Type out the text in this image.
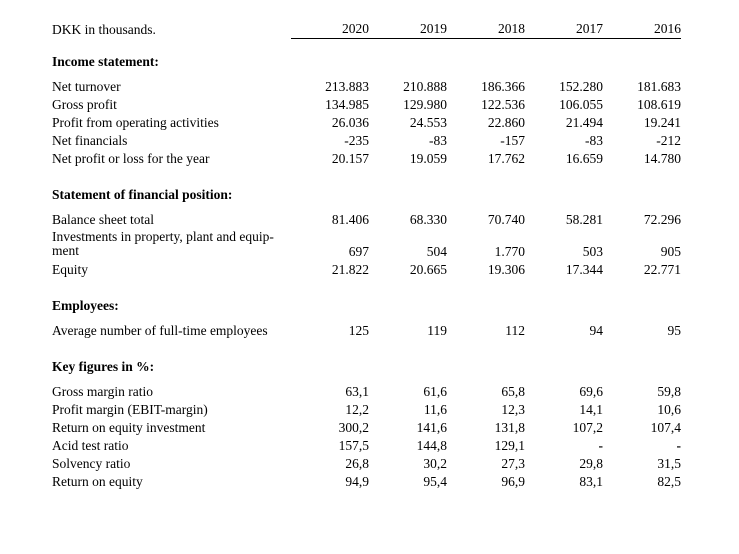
DKK in thousands.	2020	2019	2018	2017	2016

Income statement:					

Net turnover	213.883	210.888	186.366	152.280	181.683
Gross profit	134.985	129.980	122.536	106.055	108.619
Profit from operating activities	26.036	24.553	22.860	21.494	19.241
Net financials	-235	-83	-157	-83	-212
Net profit or loss for the year	20.157	19.059	17.762	16.659	14.780

Statement of financial position:					

Balance sheet total	81.406	68.330	70.740	58.281	72.296

Investments in property, plant and equip-ment	697	504	1.770	503	905
Equity	21.822	20.665	19.306	17.344	22.771

Employees:					

Average number of full-time employees	125	119	112	94	95

Key figures in %:					

Gross margin ratio	63,1	61,6	65,8	69,6	59,8
Profit margin (EBIT-margin)	12,2	11,6	12,3	14,1	10,6
Return on equity investment	300,2	141,6	131,8	107,2	107,4
Acid test ratio	157,5	144,8	129,1	-	-
Solvency ratio	26,8	30,2	27,3	29,8	31,5
Return on equity	94,9	95,4	96,9	83,1	82,5
